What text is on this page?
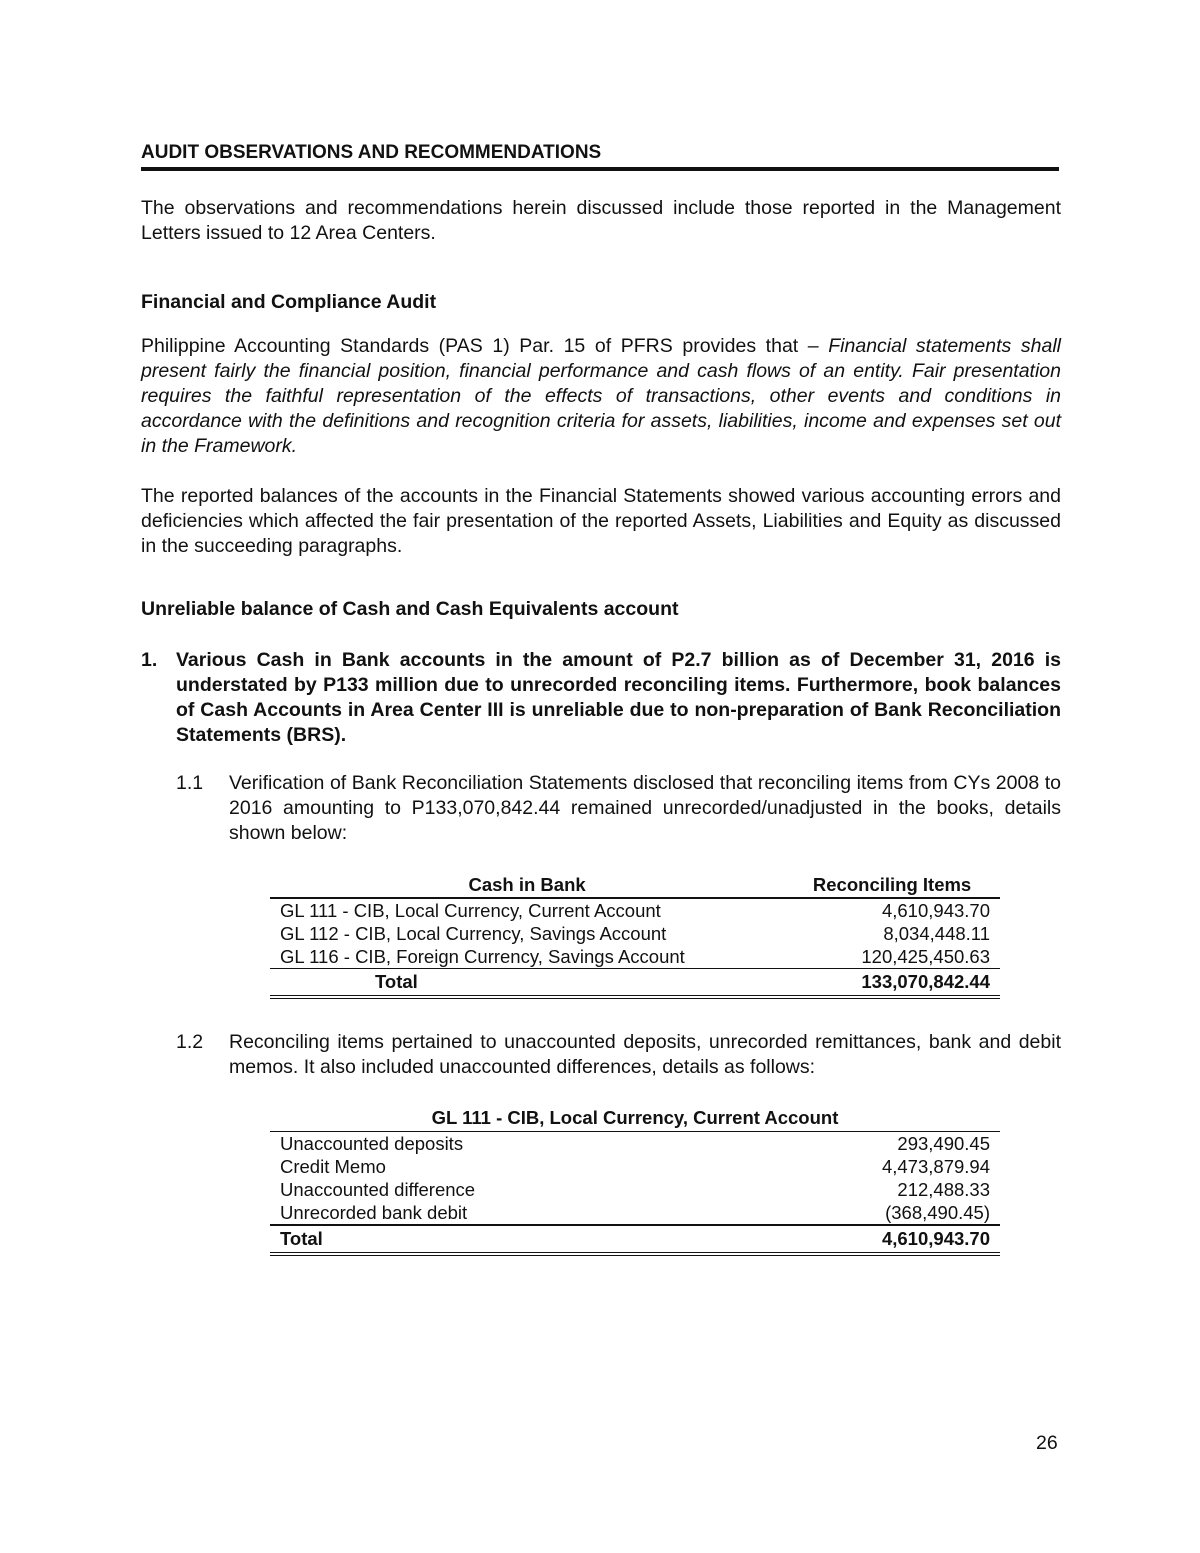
AUDIT OBSERVATIONS AND RECOMMENDATIONS
The observations and recommendations herein discussed include those reported in the Management Letters issued to 12 Area Centers.
Financial and Compliance Audit
Philippine Accounting Standards (PAS 1) Par. 15 of PFRS provides that – Financial statements shall present fairly the financial position, financial performance and cash flows of an entity. Fair presentation requires the faithful representation of the effects of transactions, other events and conditions in accordance with the definitions and recognition criteria for assets, liabilities, income and expenses set out in the Framework.
The reported balances of the accounts in the Financial Statements showed various accounting errors and deficiencies which affected the fair presentation of the reported Assets, Liabilities and Equity as discussed in the succeeding paragraphs.
Unreliable balance of Cash and Cash Equivalents account
1. Various Cash in Bank accounts in the amount of P2.7 billion as of December 31, 2016 is understated by P133 million due to unrecorded reconciling items. Furthermore, book balances of Cash Accounts in Area Center III is unreliable due to non-preparation of Bank Reconciliation Statements (BRS).
1.1 Verification of Bank Reconciliation Statements disclosed that reconciling items from CYs 2008 to 2016 amounting to P133,070,842.44 remained unrecorded/unadjusted in the books, details shown below:
Cash in Bank	Reconciling Items
GL 111 - CIB, Local Currency, Current Account	4,610,943.70
GL 112 - CIB, Local Currency, Savings Account	8,034,448.11
GL 116 - CIB, Foreign Currency, Savings Account	120,425,450.63
Total	133,070,842.44
1.2 Reconciling items pertained to unaccounted deposits, unrecorded remittances, bank and debit memos. It also included unaccounted differences, details as follows:
GL 111 - CIB, Local Currency, Current Account	
Unaccounted deposits	293,490.45
Credit Memo	4,473,879.94
Unaccounted difference	212,488.33
Unrecorded bank debit	(368,490.45)
Total	4,610,943.70
26
